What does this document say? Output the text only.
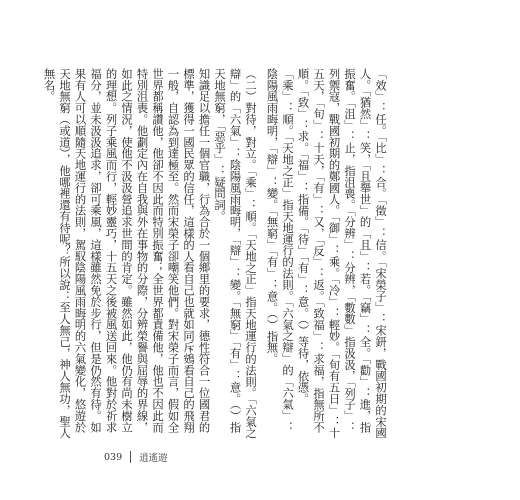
「效」：任。「比」：合。「徵」：信。「宋榮子」：宋鈃，戰國初期的宋國人。「猶然」：笑，「且舉世」的「且」：若。「竊」：全。「勸」：進，指振奮。「沮」：止，指沮喪。「分辨」：分辨，「數數」指汲汲，「列子」：列禦寇，戰國初期的鄭國人。「御」：乘。「冷」：輕妙。「旬有五日」：十五天，「旬」：十天，「有」：又，「反」：返。「致福」：求福，指無所不順。「致」：求。「福」：指備。「待」「有」：意。（）等待，依憑。「乘」：順。「天地之正」指天地運行的法則。「六氣之辯」的「六氣」：陰陽風雨晦明，「辯」：變。「無窮」「有」：意。（）指無。

（二）對待，對立。「乘」：順。「天地之正」指天地運行的法則。「六氣之辯」的「六氣」：陰陽風雨晦明，「辯」：變。「無窮」「有」：意。（）指天地無窮，「惡乎」：疑問詞。

知識足以擔任一個官職，行為合於一個鄉里的要求，德性符合一位國君的標準，獲得一國民眾的信任，這樣的人看自己也就如同斥鴳看自己的飛翔一般，自認為到達極至。然而宋榮子卻嘲笑他們。對宋榮子而言，假如全世界都稱讚他，他卻不因此而特別振奮；全世界都責備他，他也不因此而特別沮喪。他劃定內在自我與外在事物的分際，分辨榮譽與屈辱的界線，如此之情況，使他不汲汲營追求世間的肯定。雖然如此，他仍有尚未樹立的理想。列子乘風而行，輕妙靈巧，十五天之後被風送回來。他對於祈求福分，並未汲汲追求，卻可乘風，這樣雖然免於步行，但是仍然有待。如果有人可以順隨天地運行的法則，駕馭陰陽風雨晦明的六氣變化，悠遊於天地無窮（或道），他哪裡還有待呢？所以說：至人無己，神人無功，聖人無名。

039 逍遙遊
